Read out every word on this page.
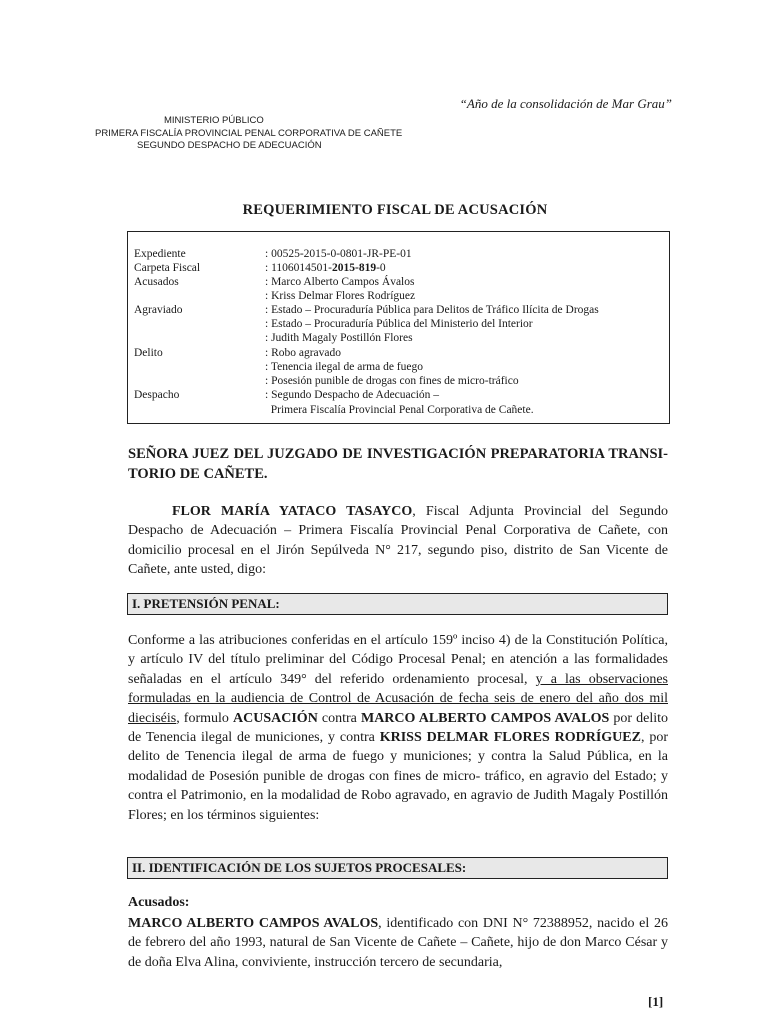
“Año de la consolidación de Mar Grau”
MINISTERIO PÚBLICO
PRIMERA FISCALÍA PROVINCIAL PENAL CORPORATIVA DE CAÑETE
SEGUNDO DESPACHO DE ADECUACIÓN
REQUERIMIENTO FISCAL DE ACUSACIÓN
Expediente	: 00525-2015-0-0801-JR-PE-01
Carpeta Fiscal	: 1106014501-2015-819-0
Acusados	: Marco Alberto Campos Ávalos
: Kriss Delmar Flores Rodríguez
Agraviado	: Estado – Procuraduría Pública para Delitos de Tráfico Ilícita de Drogas
: Estado – Procuraduría Pública del Ministerio del Interior
: Judith Magaly Postillón Flores
Delito	: Robo agravado
: Tenencia ilegal de arma de fuego
: Posesión punible de drogas con fines de micro-tráfico
Despacho	: Segundo Despacho de Adecuación –
Primera Fiscalía Provincial Penal Corporativa de Cañete.
SEÑORA JUEZ DEL JUZGADO DE INVESTIGACIÓN PREPARATORIA TRANSI-TORIO DE CAÑETE.
FLOR MARÍA YATACO TASAYCO, Fiscal Adjunta Provincial del Segundo Despacho de Adecuación – Primera Fiscalía Provincial Penal Corporativa de Cañete, con domicilio procesal en el Jirón Sepúlveda N° 217, segundo piso, distrito de San Vicente de Cañete, ante usted, digo:
I. PRETENSIÓN PENAL:
Conforme a las atribuciones conferidas en el artículo 159º inciso 4) de la Constitución Política, y artículo IV del título preliminar del Código Procesal Penal; en atención a las formalidades señaladas en el artículo 349° del referido ordenamiento procesal, y a las observaciones formuladas en la audiencia de Control de Acusación de fecha seis de enero del año dos mil dieciséis, formulo ACUSACIÓN contra MARCO ALBERTO CAMPOS AVALOS por delito de Tenencia ilegal de municiones, y contra KRISS DELMAR FLORES RODRÍGUEZ, por delito de Tenencia ilegal de arma de fuego y municiones; y contra la Salud Pública, en la modalidad de Posesión punible de drogas con fines de micro- tráfico, en agravio del Estado; y contra el Patrimonio, en la modalidad de Robo agravado, en agravio de Judith Magaly Postillón Flores; en los términos siguientes:
II. IDENTIFICACIÓN DE LOS SUJETOS PROCESALES:
Acusados:
MARCO ALBERTO CAMPOS AVALOS, identificado con DNI N° 72388952, nacido el 26 de febrero del año 1993, natural de San Vicente de Cañete – Cañete, hijo de don Marco César y de doña Elva Alina, conviviente, instrucción tercero de secundaria,
[1]
